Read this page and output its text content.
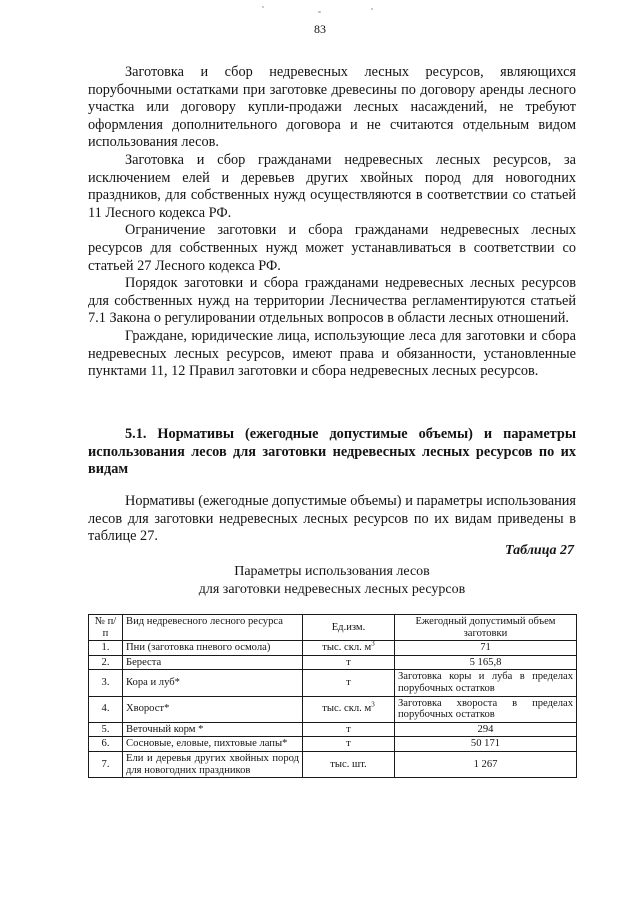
83

Заготовка и сбор недревесных лесных ресурсов, являющихся порубочными остатками при заготовке древесины по договору аренды лесного участка или договору купли-продажи лесных насаждений, не требуют оформления дополнительного договора и не считаются отдельным видом использования лесов.

Заготовка и сбор гражданами недревесных лесных ресурсов, за исключением елей и деревьев других хвойных пород для новогодних праздников, для собственных нужд осуществляются в соответствии со статьей 11 Лесного кодекса РФ.

Ограничение заготовки и сбора гражданами недревесных лесных ресурсов для собственных нужд может устанавливаться в соответствии со статьей 27 Лесного кодекса РФ.

Порядок заготовки и сбора гражданами недревесных лесных ресурсов для собственных нужд на территории Лесничества регламентируются статьей 7.1 Закона о регулировании отдельных вопросов в области лесных отношений.

Граждане, юридические лица, использующие леса для заготовки и сбора недревесных лесных ресурсов, имеют права и обязанности, установленные пунктами 11, 12 Правил заготовки и сбора недревесных лесных ресурсов.

5.1. Нормативы (ежегодные допустимые объемы) и параметры использования лесов для заготовки недревесных лесных ресурсов по их видам

Нормативы (ежегодные допустимые объемы) и параметры использования лесов для заготовки недревесных лесных ресурсов по их видам приведены в таблице 27.

Таблица 27
Параметры использования лесов
для заготовки недревесных лесных ресурсов
№ п/п	Вид недревесного лесного ресурса	Ед.изм.	Ежегодный допустимый объем заготовки
1.	Пни (заготовка пневого осмола)	тыс. скл. $м^3$	71
2.	Береста	т	5 165,8
3.	Кора и луб*	т	Заготовка коры и луба в пределах порубочных остатков
4.	Хворост*	тыс. скл. $м^3$	Заготовка хвороста в пределах порубочных остатков
5.	Веточный корм *	т	294
6.	Сосновые, еловые, пихтовые лапы*	т	50 171
7.	Ели и деревья других хвойных пород для новогодних праздников	тыс. шт.	1 267
